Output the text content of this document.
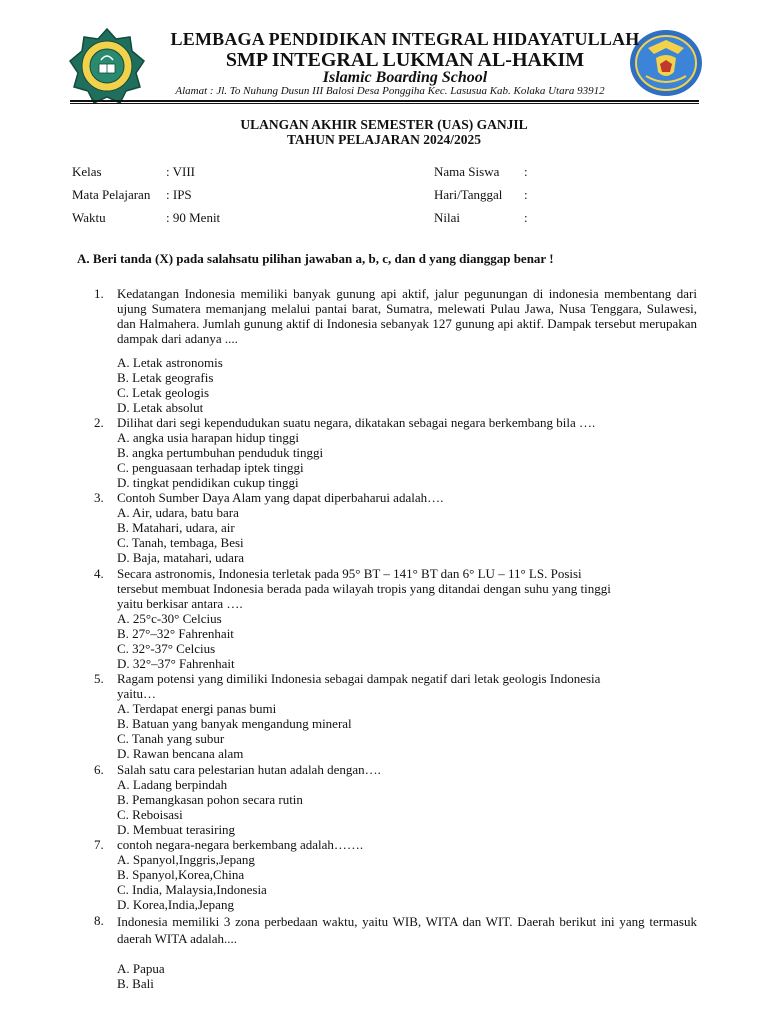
LEMBAGA PENDIDIKAN INTEGRAL HIDAYATULLAH
SMP INTEGRAL LUKMAN AL-HAKIM
Islamic Boarding School
Alamat : Jl. To Nuhung Dusun III Balosi Desa Ponggiha Kec. Lasusua Kab. Kolaka Utara 93912
ULANGAN AKHIR SEMESTER (UAS) GANJIL
TAHUN PELAJARAN 2024/2025
Kelas	: VIII
Mata Pelajaran : IPS
Waktu	: 90 Menit
Nama Siswa :
Hari/Tanggal :
Nilai	:
A. Beri tanda (X) pada salahsatu pilihan jawaban a, b, c, dan d yang dianggap benar !
1. Kedatangan Indonesia memiliki banyak gunung api aktif, jalur pegunungan di indonesia membentang dari ujung Sumatera memanjang melalui pantai barat, Sumatra, melewati Pulau Jawa, Nusa Tenggara, Sulawesi, dan Halmahera. Jumlah gunung aktif di Indonesia sebanyak 127 gunung api aktif. Dampak tersebut merupakan dampak dari adanya ....
A. Letak astronomis
B. Letak geografis
C. Letak geologis
D. Letak absolut
2. Dilihat dari segi kependudukan suatu negara, dikatakan sebagai negara berkembang bila ….
A. angka usia harapan hidup tinggi
B. angka pertumbuhan penduduk tinggi
C. penguasaan terhadap iptek tinggi
D. tingkat pendidikan cukup tinggi
3. Contoh Sumber Daya Alam yang dapat diperbaharui adalah….
A. Air, udara, batu bara
B. Matahari, udara, air
C. Tanah, tembaga, Besi
D. Baja, matahari, udara
4. Secara astronomis, Indonesia terletak pada 95° BT – 141° BT dan 6° LU – 11° LS. Posisi
tersebut membuat Indonesia berada pada wilayah tropis yang ditandai dengan suhu yang tinggi
yaitu berkisar antara ….
A. 25°c-30° Celcius
B. 27°–32° Fahrenhait
C. 32°-37° Celcius
D. 32°–37° Fahrenhait
5. Ragam potensi yang dimiliki Indonesia sebagai dampak negatif dari letak geologis Indonesia
yaitu…
A. Terdapat energi panas bumi
B. Batuan yang banyak mengandung mineral
C. Tanah yang subur
D. Rawan bencana alam
6. Salah satu cara pelestarian hutan adalah dengan….
A. Ladang berpindah
B. Pemangkasan pohon secara rutin
C. Reboisasi
D. Membuat terasiring
7. contoh negara-negara berkembang adalah…….
A. Spanyol,Inggris,Jepang
B. Spanyol,Korea,China
C. India, Malaysia,Indonesia
D. Korea,India,Jepang
8. Indonesia memiliki 3 zona perbedaan waktu, yaitu WIB, WITA dan WIT. Daerah berikut ini yang termasuk daerah WITA adalah....
A. Papua
B. Bali
